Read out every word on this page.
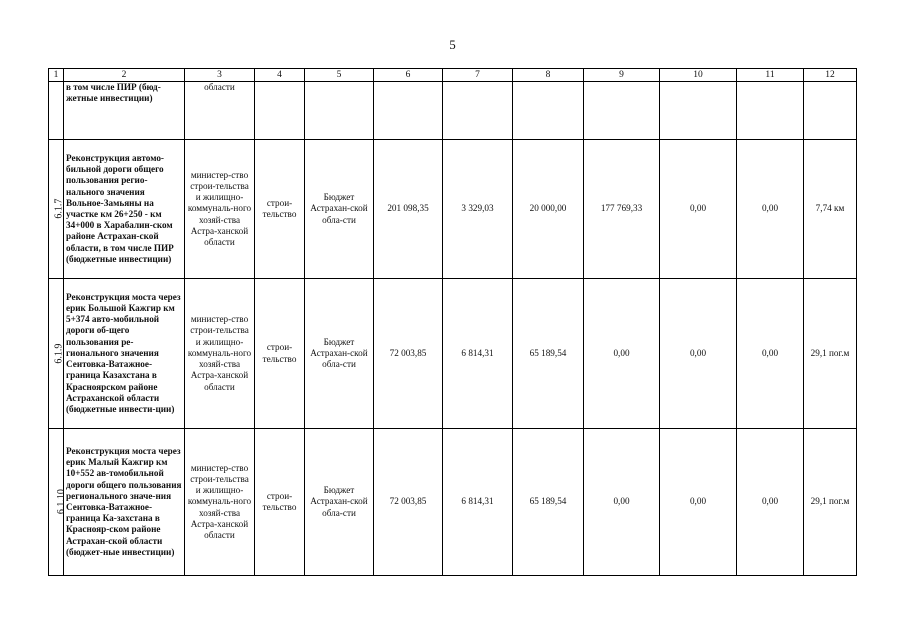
5
1	2	3	4	5	6	7	8	9	10	11	12
	в том числе ПИР (бюд-жетные инвестиции)	области									
6.1.7	Реконструкция автомо-бильной дороги общего пользования регио-нального значения Вольное-Замьяны на участке км 26+250 - км 34+000 в Харабалин-ском районе Астрахан-ской области, в том числе ПИР (бюджетные инвестиции)	министер-ство строи-тельства и жилищно-коммуналь-ного хозяй-ства Астра-ханской области	строи-тельство	Бюджет Астрахан-ской обла-сти	201 098,35	3 329,03	20 000,00	177 769,33	0,00	0,00	7,74 км
6.1.9	Реконструкция моста через ерик Большой Кажгир км 5+374 авто-мобильной дороги об-щего пользования ре-гионального значения Сеитовка-Ватажное-граница Казахстана в Красноярском районе Астраханской области (бюджетные инвести-ции)	министер-ство строи-тельства и жилищно-коммуналь-ного хозяй-ства Астра-ханской области	строи-тельство	Бюджет Астрахан-ской обла-сти	72 003,85	6 814,31	65 189,54	0,00	0,00	0,00	29,1 пог.м
6.1.10	Реконструкция моста через ерик Малый Кажгир км 10+552 ав-томобильной дороги общего пользования регионального значе-ния Сеитовка-Ватажное-граница Ка-захстана в Краснояр-ском районе Астрахан-ской области (бюджет-ные инвестиции)	министер-ство строи-тельства и жилищно-коммуналь-ного хозяй-ства Астра-ханской области	строи-тельство	Бюджет Астрахан-ской обла-сти	72 003,85	6 814,31	65 189,54	0,00	0,00	0,00	29,1 пог.м
